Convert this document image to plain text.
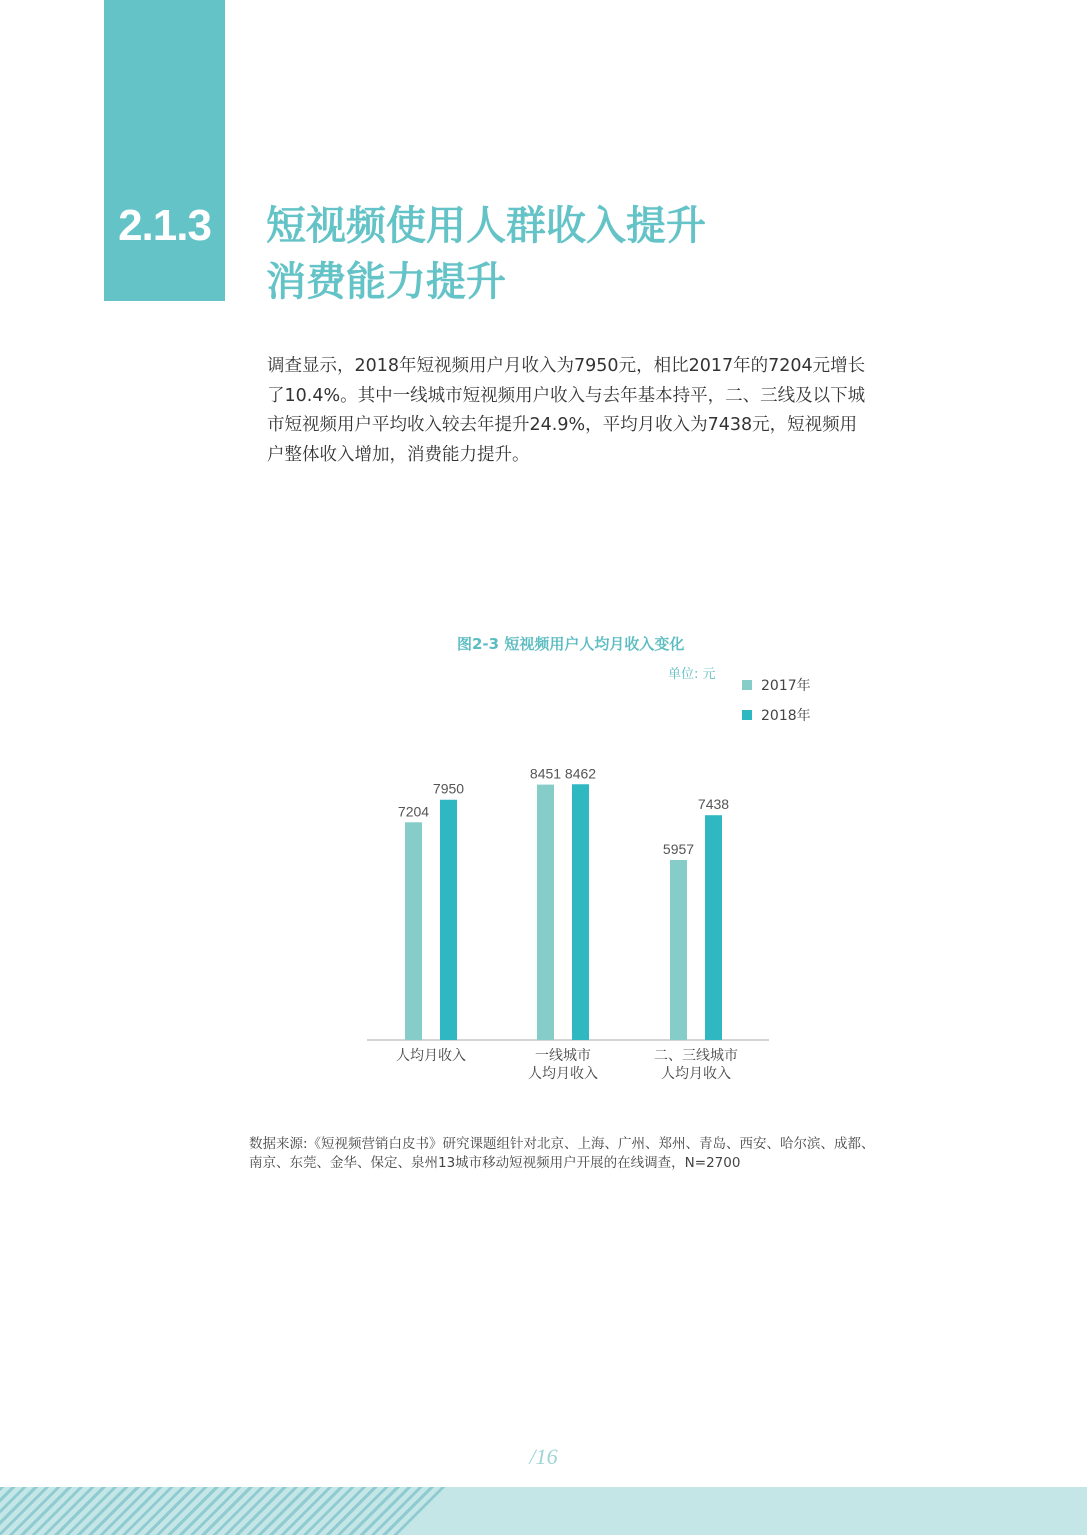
2.1.3	短视频使用人群收入提升
消费能力提升
调查显示，2018年短视频用户月收入为7950元，相比2017年的7204元增长
了10.4%。其中一线城市短视频用户收入与去年基本持平，二、三线及以下城
市短视频用户平均收入较去年提升24.9%，平均月收入为7438元，短视频用
户整体收入增加，消费能力提升。
图2-3 短视频用户人均月收入变化
单位: 元
2017年
2018年
7204
8451
5957
7950
8462
7438
人均月收入	一线城市
人均月收入
二、三线城市
人均月收入
数据来源:《短视频营销白皮书》研究课题组针对北京、上海、广州、郑州、青岛、西安、哈尔滨、成都、
南京、东莞、金华、保定、泉州13城市移动短视频用户开展的在线调查，N=2700
/16
